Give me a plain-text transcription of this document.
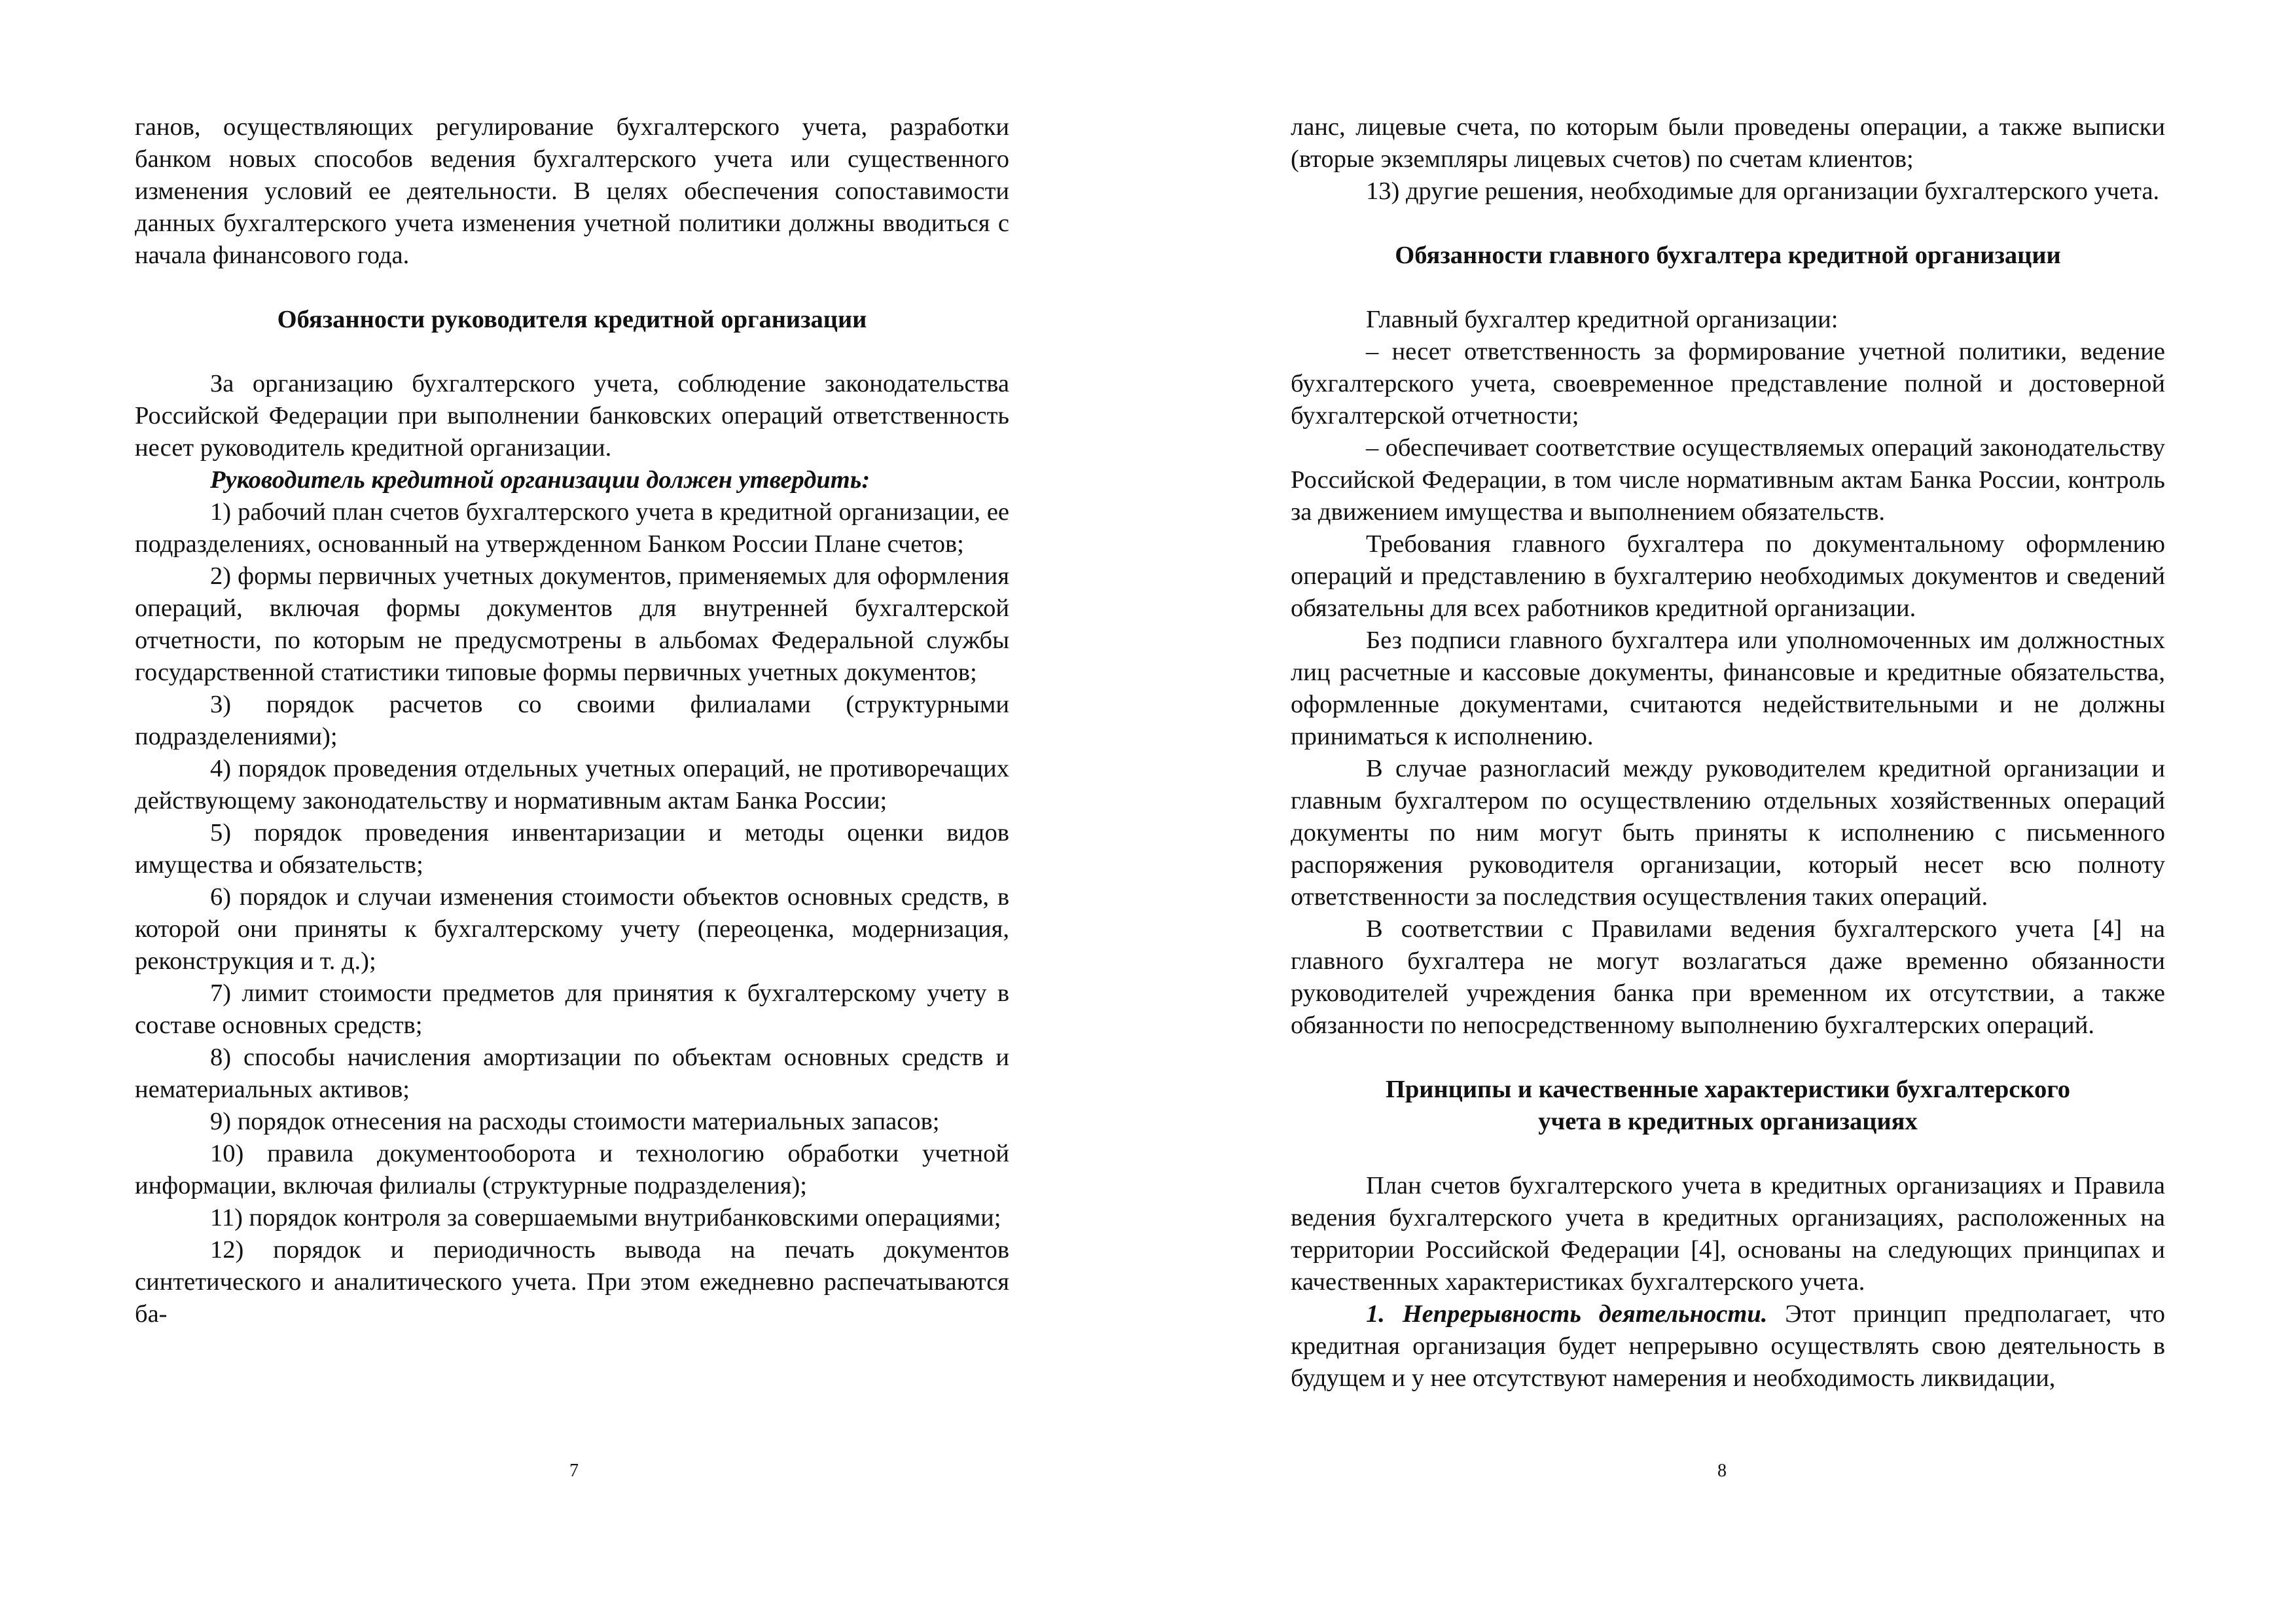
ганов, осуществляющих регулирование бухгалтерского учета, разработки банком новых способов ведения бухгалтерского учета или существенного изменения условий ее деятельности. В целях обеспечения сопоставимости данных бухгалтерского учета изменения учетной политики должны вводиться с начала финансового года.

Обязанности руководителя кредитной организации

За организацию бухгалтерского учета, соблюдение законодательства Российской Федерации при выполнении банковских операций ответственность несет руководитель кредитной организации.

Руководитель кредитной организации должен утвердить:

1) рабочий план счетов бухгалтерского учета в кредитной организации, ее подразделениях, основанный на утвержденном Банком России Плане счетов;

2) формы первичных учетных документов, применяемых для оформления операций, включая формы документов для внутренней бухгалтерской отчетности, по которым не предусмотрены в альбомах Федеральной службы государственной статистики типовые формы первичных учетных документов;

3) порядок расчетов со своими филиалами (структурными подразделениями);

4) порядок проведения отдельных учетных операций, не противоречащих действующему законодательству и нормативным актам Банка России;

5) порядок проведения инвентаризации и методы оценки видов имущества и обязательств;

6) порядок и случаи изменения стоимости объектов основных средств, в которой они приняты к бухгалтерскому учету (переоценка, модернизация, реконструкция и т. д.);

7) лимит стоимости предметов для принятия к бухгалтерскому учету в составе основных средств;

8) способы начисления амортизации по объектам основных средств и нематериальных активов;

9) порядок отнесения на расходы стоимости материальных запасов;

10) правила документооборота и технологию обработки учетной информации, включая филиалы (структурные подразделения);

11) порядок контроля за совершаемыми внутрибанковскими операциями;

12) порядок и периодичность вывода на печать документов синтетического и аналитического учета. При этом ежедневно распечатываются ба-

7

ланс, лицевые счета, по которым были проведены операции, а также выписки (вторые экземпляры лицевых счетов) по счетам клиентов;

13) другие решения, необходимые для организации бухгалтерского учета.

Обязанности главного бухгалтера кредитной организации

Главный бухгалтер кредитной организации:

– несет ответственность за формирование учетной политики, ведение бухгалтерского учета, своевременное представление полной и достоверной бухгалтерской отчетности;

– обеспечивает соответствие осуществляемых операций законодательству Российской Федерации, в том числе нормативным актам Банка России, контроль за движением имущества и выполнением обязательств.

Требования главного бухгалтера по документальному оформлению операций и представлению в бухгалтерию необходимых документов и сведений обязательны для всех работников кредитной организации.

Без подписи главного бухгалтера или уполномоченных им должностных лиц расчетные и кассовые документы, финансовые и кредитные обязательства, оформленные документами, считаются недействительными и не должны приниматься к исполнению.

В случае разногласий между руководителем кредитной организации и главным бухгалтером по осуществлению отдельных хозяйственных операций документы по ним могут быть приняты к исполнению с письменного распоряжения руководителя организации, который несет всю полноту ответственности за последствия осуществления таких операций.

В соответствии с Правилами ведения бухгалтерского учета [4] на главного бухгалтера не могут возлагаться даже временно обязанности руководителей учреждения банка при временном их отсутствии, а также обязанности по непосредственному выполнению бухгалтерских операций.

Принципы и качественные характеристики бухгалтерского
учета в кредитных организациях

План счетов бухгалтерского учета в кредитных организациях и Правила ведения бухгалтерского учета в кредитных организациях, расположенных на территории Российской Федерации [4], основаны на следующих принципах и качественных характеристиках бухгалтерского учета.

1. Непрерывность деятельности. Этот принцип предполагает, что кредитная организация будет непрерывно осуществлять свою деятельность в будущем и у нее отсутствуют намерения и необходимость ликвидации,

8
